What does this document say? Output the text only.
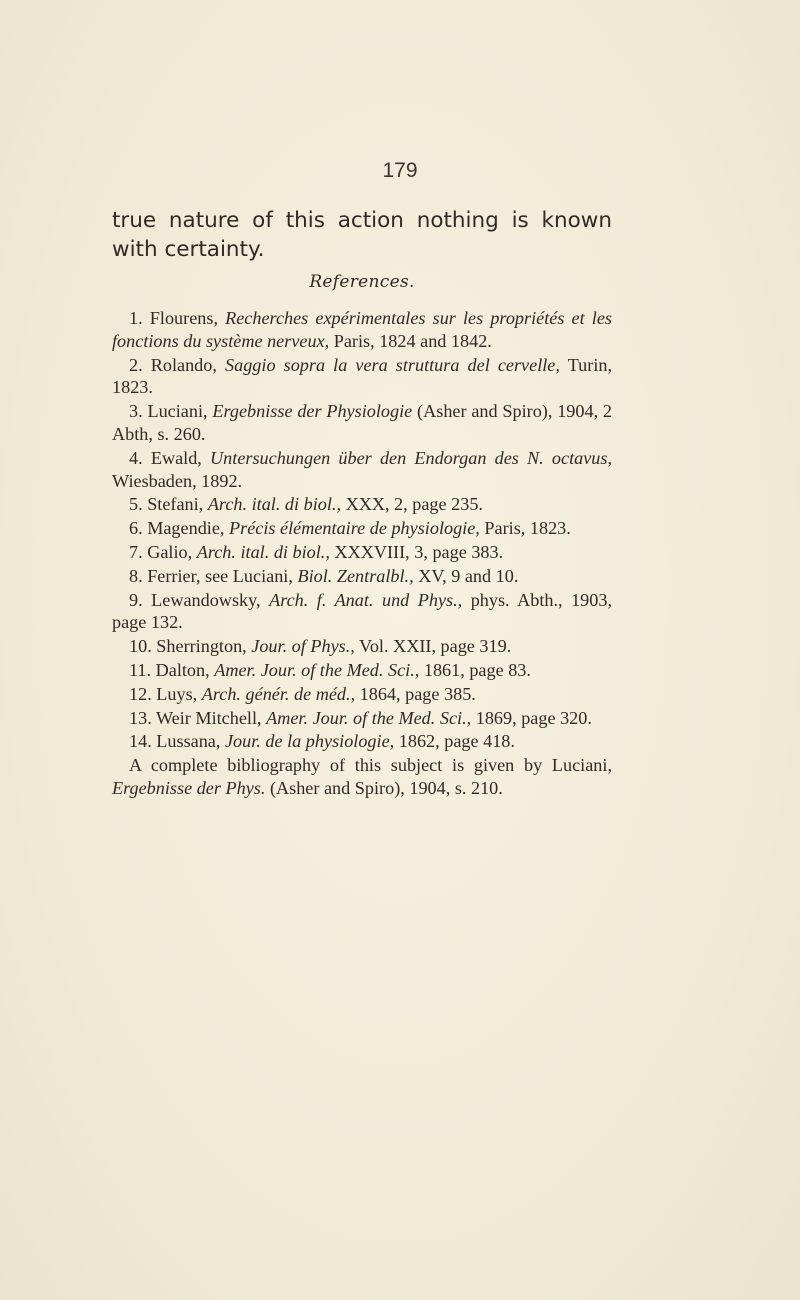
179

true nature of this action nothing is known with certainty.

References.
1. Flourens, Recherches expérimentales sur les propriétés et les fonctions du système nerveux, Paris, 1824 and 1842.
2. Rolando, Saggio sopra la vera struttura del cervelle, Turin, 1823.
3. Luciani, Ergebnisse der Physiologie (Asher and Spiro), 1904, 2 Abth, s. 260.
4. Ewald, Untersuchungen über den Endorgan des N. octavus, Wiesbaden, 1892.
5. Stefani, Arch. ital. di biol., XXX, 2, page 235.
6. Magendie, Précis élémentaire de physiologie, Paris, 1823.
7. Galio, Arch. ital. di biol., XXXVIII, 3, page 383.
8. Ferrier, see Luciani, Biol. Zentralbl., XV, 9 and 10.
9. Lewandowsky, Arch. f. Anat. und Phys., phys. Abth., 1903, page 132.
10. Sherrington, Jour. of Phys., Vol. XXII, page 319.
11. Dalton, Amer. Jour. of the Med. Sci., 1861, page 83.
12. Luys, Arch. génér. de méd., 1864, page 385.
13. Weir Mitchell, Amer. Jour. of the Med. Sci., 1869, page 320.
14. Lussana, Jour. de la physiologie, 1862, page 418.

A complete bibliography of this subject is given by Luciani, Ergebnisse der Phys. (Asher and Spiro), 1904, s. 210.
